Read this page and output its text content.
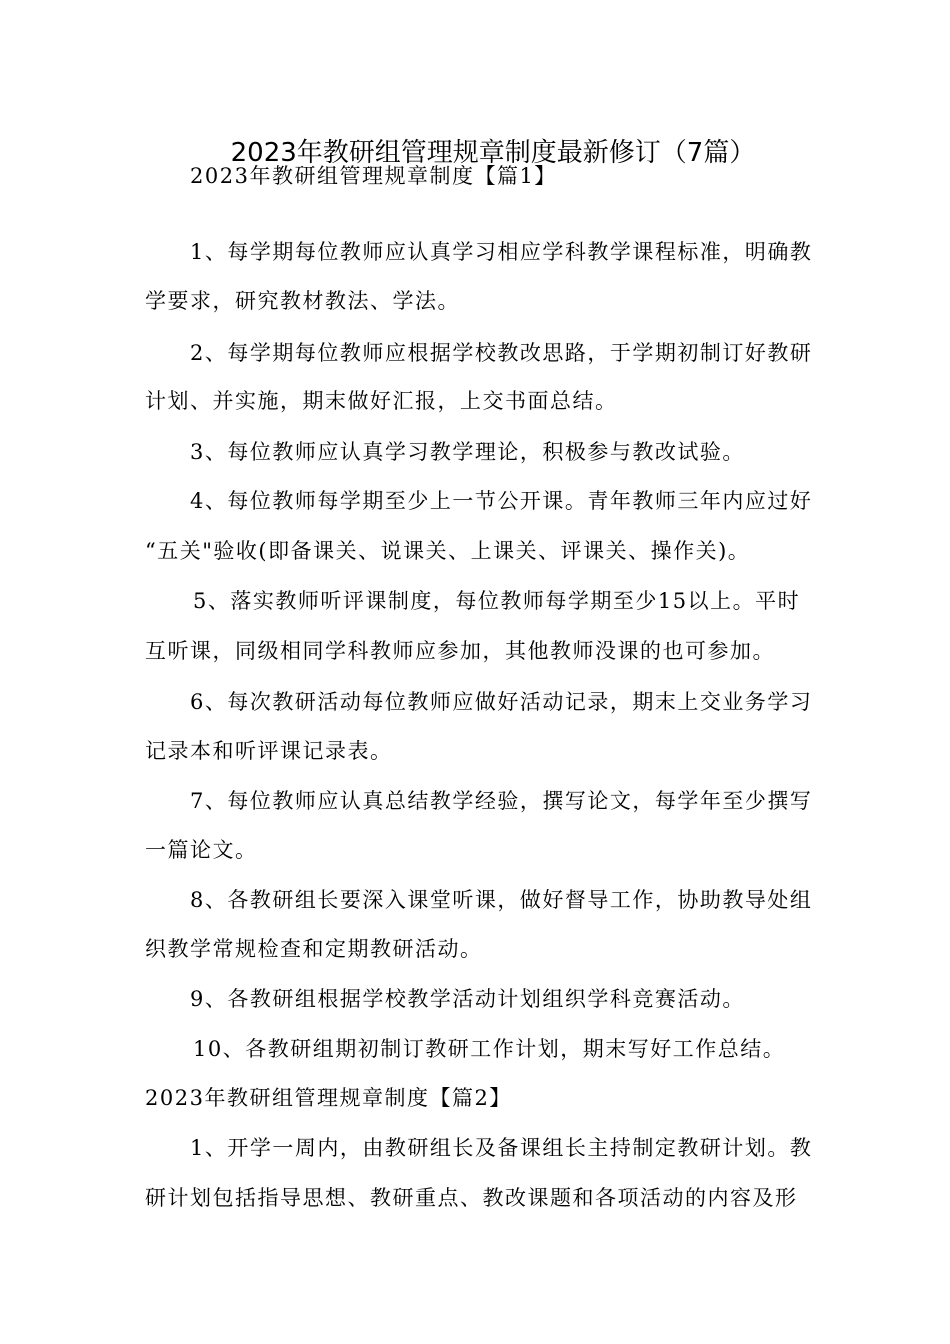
2023年教研组管理规章制度最新修订（7篇）
2023年教研组管理规章制度【篇1】
1、每学期每位教师应认真学习相应学科教学课程标准，明确教
学要求，研究教材教法、学法。
2、每学期每位教师应根据学校教改思路，于学期初制订好教研
计划、并实施，期末做好汇报，上交书面总结。
3、每位教师应认真学习教学理论，积极参与教改试验。
4、每位教师每学期至少上一节公开课。青年教师三年内应过好
“五关"验收(即备课关、说课关、上课关、评课关、操作关)。
5、落实教师听评课制度，每位教师每学期至少15以上。平时
互听课，同级相同学科教师应参加，其他教师没课的也可参加。
6、每次教研活动每位教师应做好活动记录，期末上交业务学习
记录本和听评课记录表。
7、每位教师应认真总结教学经验，撰写论文，每学年至少撰写
一篇论文。
8、各教研组长要深入课堂听课，做好督导工作，协助教导处组
织教学常规检查和定期教研活动。
9、各教研组根据学校教学活动计划组织学科竞赛活动。
10、各教研组期初制订教研工作计划，期末写好工作总结。
2023年教研组管理规章制度【篇2】
1、开学一周内，由教研组长及备课组长主持制定教研计划。教
研计划包括指导思想、教研重点、教改课题和各项活动的内容及形
